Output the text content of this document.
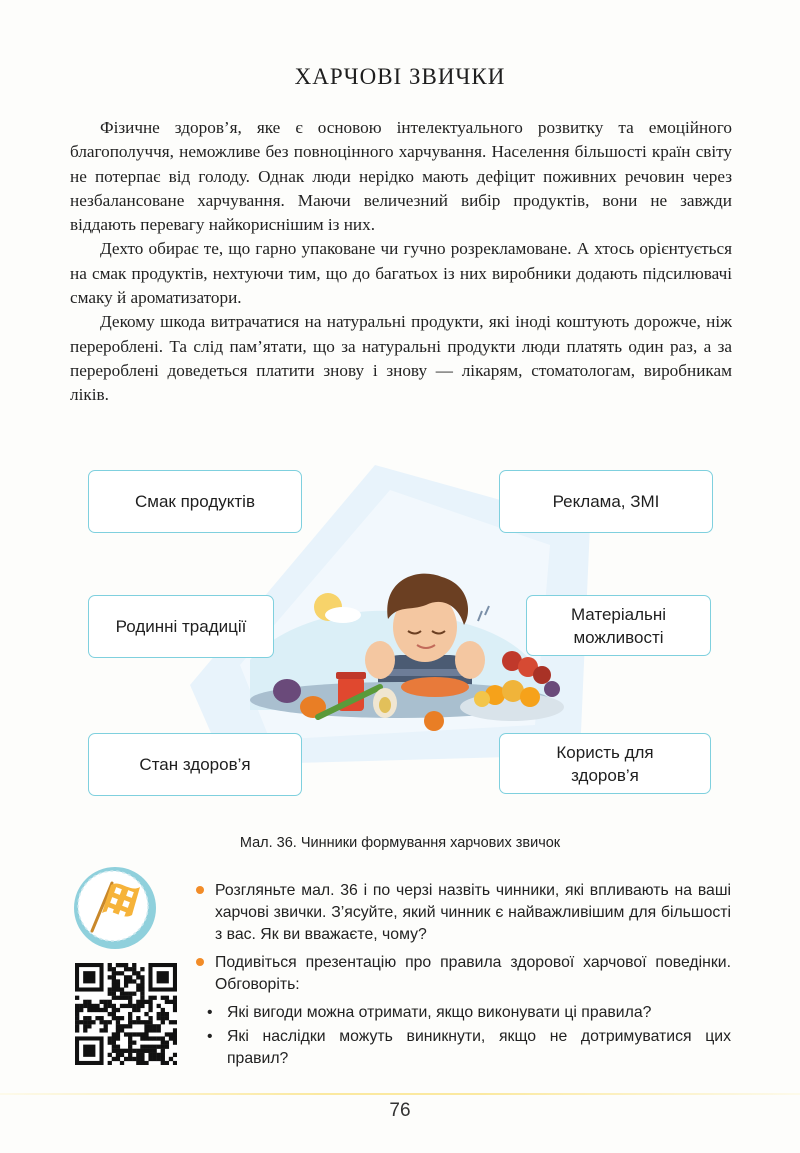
ХАРЧОВІ ЗВИЧКИ

Фізичне здоров’я, яке є основою інтелектуального розвитку та емоційного благополуччя, неможливе без повноцінного харчування. Населення більшості країн світу не потерпає від голоду. Однак люди нерідко мають дефіцит поживних речовин через незбалансоване харчування. Маючи величезний вибір продуктів, вони не завжди віддають перевагу найкориснішим із них.

Дехто обирає те, що гарно упаковане чи гучно розрекламоване. А хтось орієнтується на смак продуктів, нехтуючи тим, що до багатьох із них виробники додають підсилювачі смаку й ароматизатори.

Декому шкода витрачатися на натуральні продукти, які іноді коштують дорожче, ніж перероблені. Та слід пам’ятати, що за натуральні продукти люди платять один раз, а за перероблені доведеться платити знову і знову — лікарям, стоматологам, виробникам ліків.

Смак продуктів	Реклама, ЗМІ
Родинні традиції
Матеріальні можливості
Стан здоров’я
Користь для здоров’я
Мал. 36. Чинники формування харчових звичок
Розгляньте мал. 36 і по черзі назвіть чинники, які впливають на ваші харчові звички. З’ясуйте, який чинник є найважливішим для більшості з вас. Як ви вважаєте, чому?
Подивіться презентацію про правила здорової харчової поведінки. Обговоріть:
• Які вигоди можна отримати, якщо виконувати ці правила?
• Які наслідки можуть виникнути, якщо не дотримуватися цих правил?
76
